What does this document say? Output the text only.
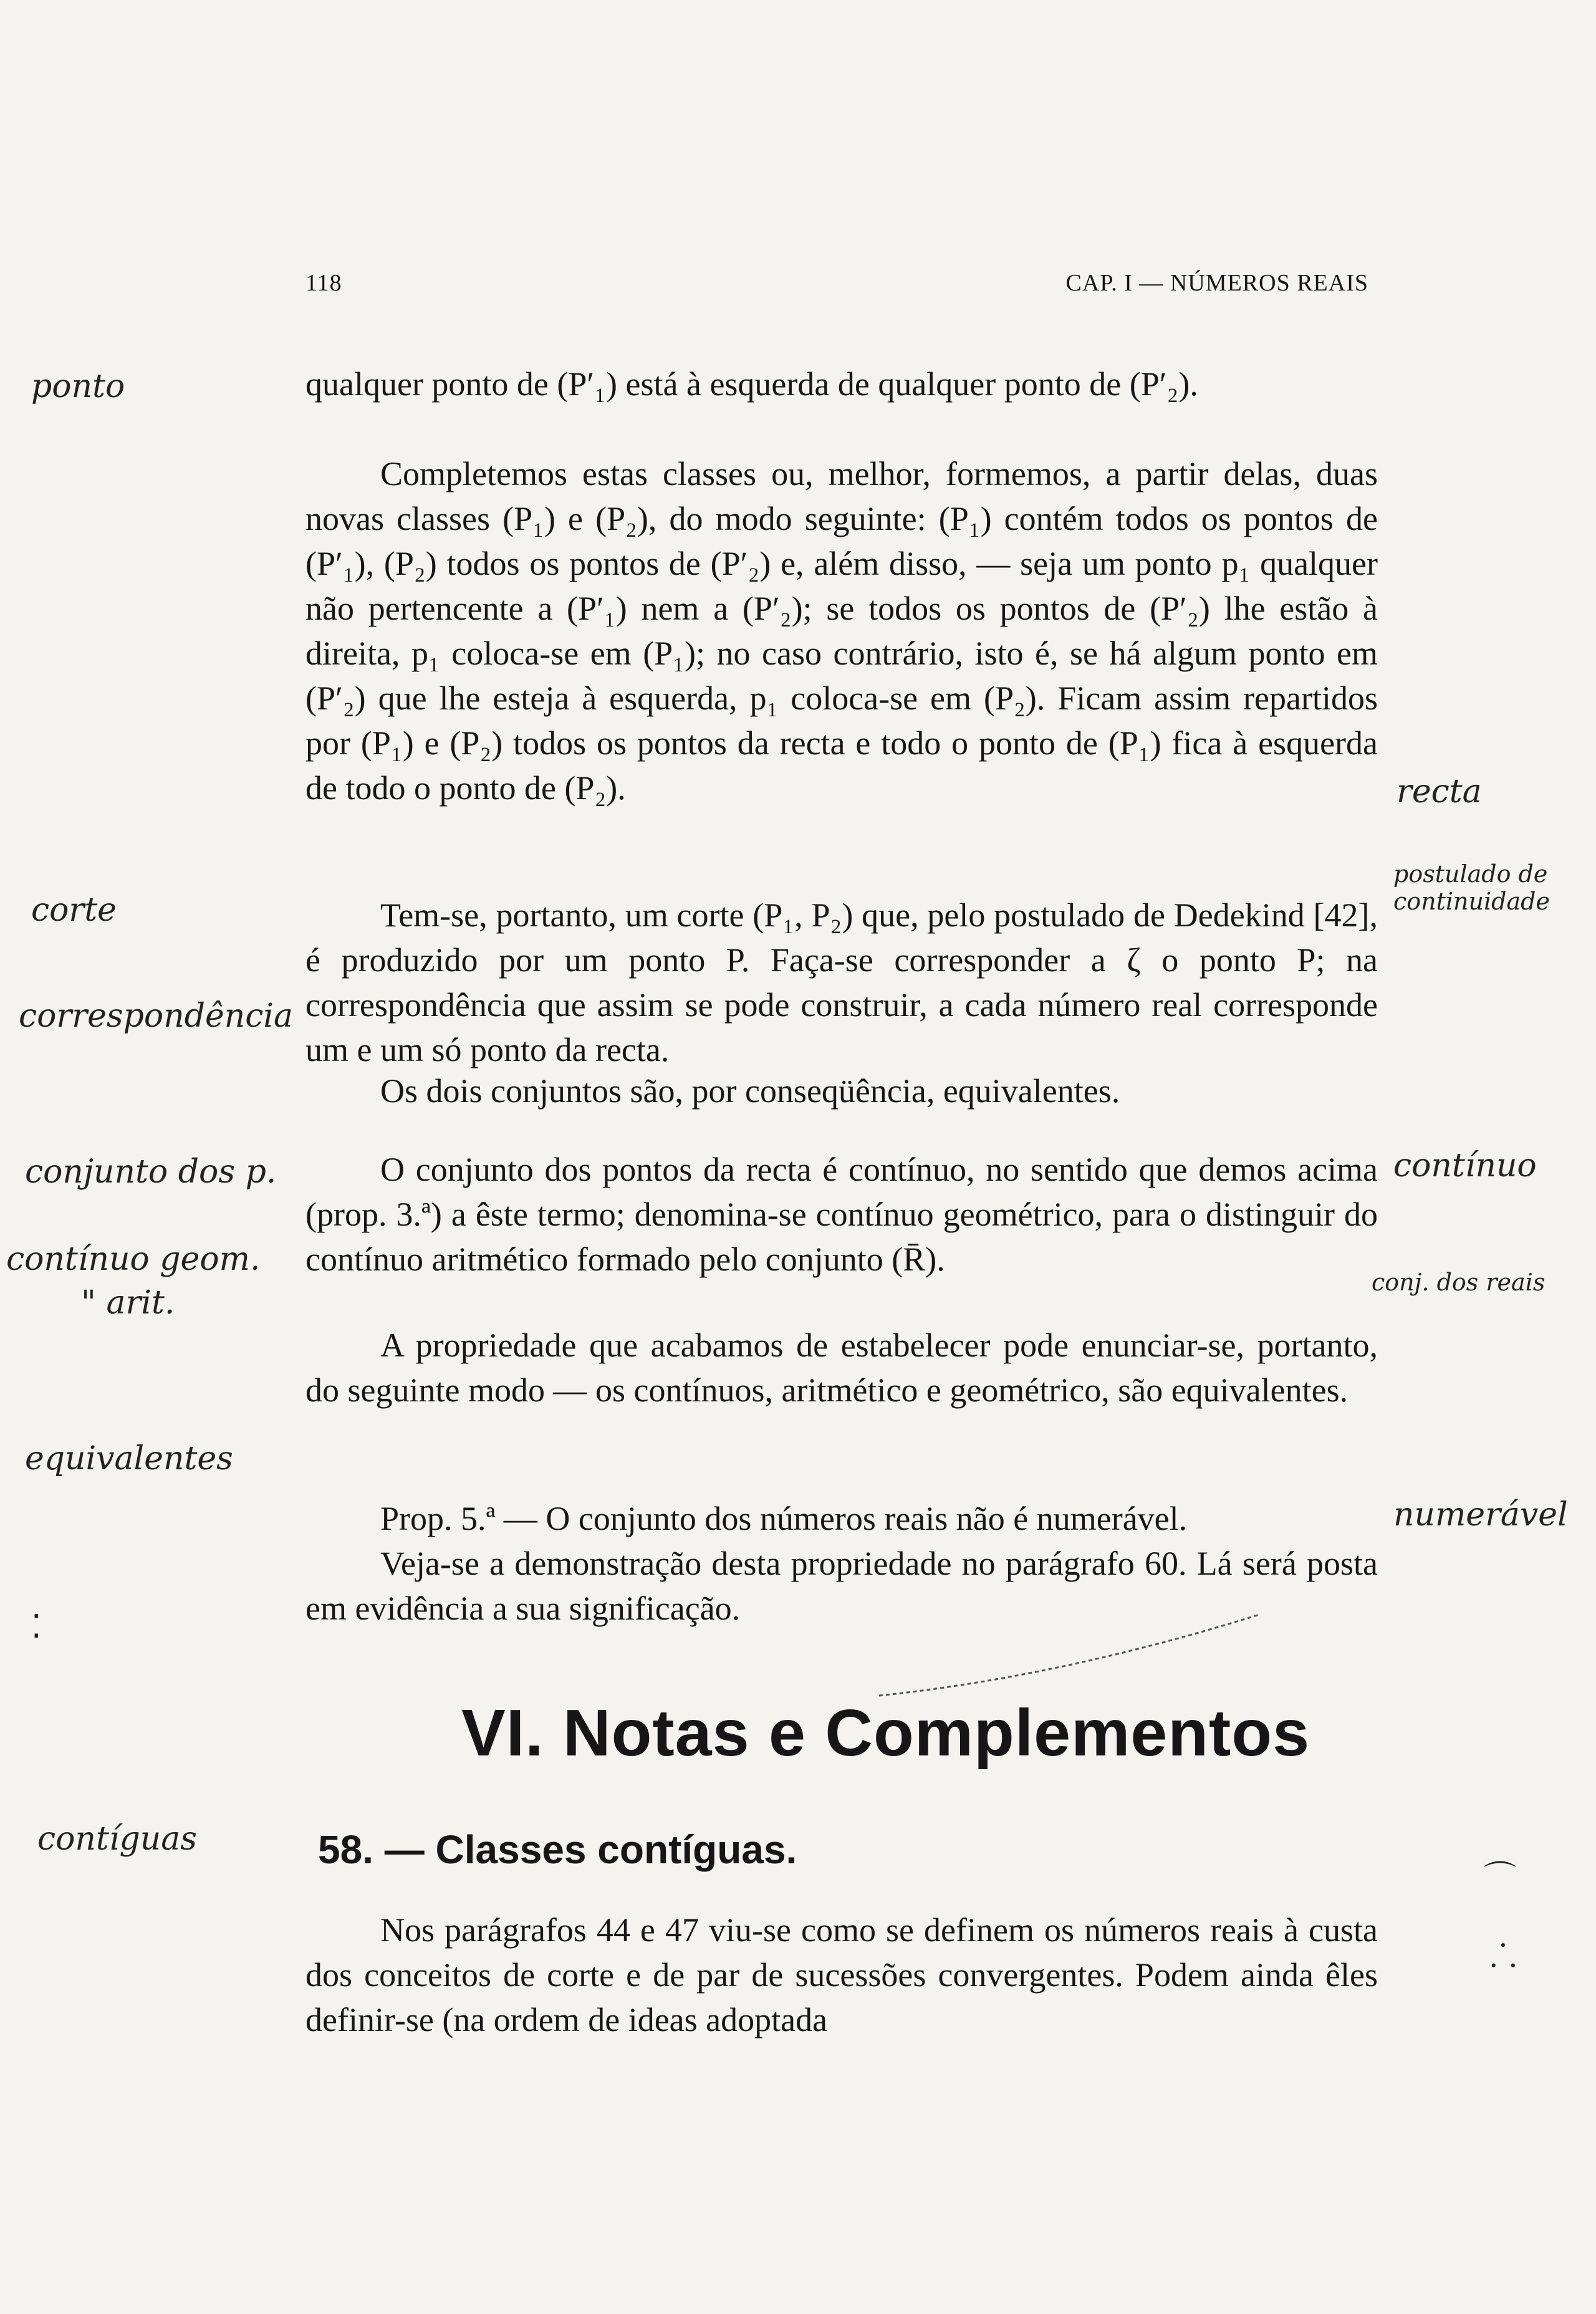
118	CAP. I — NÚMEROS REAIS

qualquer ponto de (P′₁) está à esquerda de qualquer ponto de (P′₂).

Completemos estas classes ou, melhor, formemos, a partir delas, duas novas classes (P₁) e (P₂), do modo seguinte: (P₁) contém todos os pontos de (P′₁), (P₂) todos os pontos de (P′₂) e, além disso, — seja um ponto p₁ qualquer não pertencente a (P′₁) nem a (P′₂); se todos os pontos de (P′₂) lhe estão à direita, p₁ coloca-se em (P₁); no caso contrário, isto é, se há algum ponto em (P′₂) que lhe esteja à esquerda, p₁ coloca-se em (P₂). Ficam assim repartidos por (P₁) e (P₂) todos os pontos da recta e todo o ponto de (P₁) fica à esquerda de todo o ponto de (P₂).

Tem-se, portanto, um corte (P₁, P₂) que, pelo postulado de Dedekind [42], é produzido por um ponto P. Faça-se corresponder a ζ o ponto P; na correspondência que assim se pode construir, a cada número real corresponde um e um só ponto da recta.

Os dois conjuntos são, por conseqüência, equivalentes.

O conjunto dos pontos da recta é contínuo, no sentido que demos acima (prop. 3.ª) a êste termo; denomina-se contínuo geométrico, para o distinguir do contínuo aritmético formado pelo conjunto (R̄).

A propriedade que acabamos de estabelecer pode enunciar-se, portanto, do seguinte modo — os contínuos, aritmético e geométrico, são equivalentes.

Prop. 5.ª — O conjunto dos números reais não é numerável.

Veja-se a demonstração desta propriedade no parágrafo 60. Lá será posta em evidência a sua significação.

VI. Notas e Complementos
58. — Classes contíguas.

Nos parágrafos 44 e 47 viu-se como se definem os números reais à custa dos conceitos de corte e de par de sucessões convergentes. Podem ainda êles definir-se (na ordem de ideas adoptada

ponto
corte
correspondência
conjunto dos p.
contínuo geom.
" arit.
equivalentes
contíguas
recta
postulado de continuidade
contínuo
conj. dos reais
numerável
⁚
⌒
⸫
